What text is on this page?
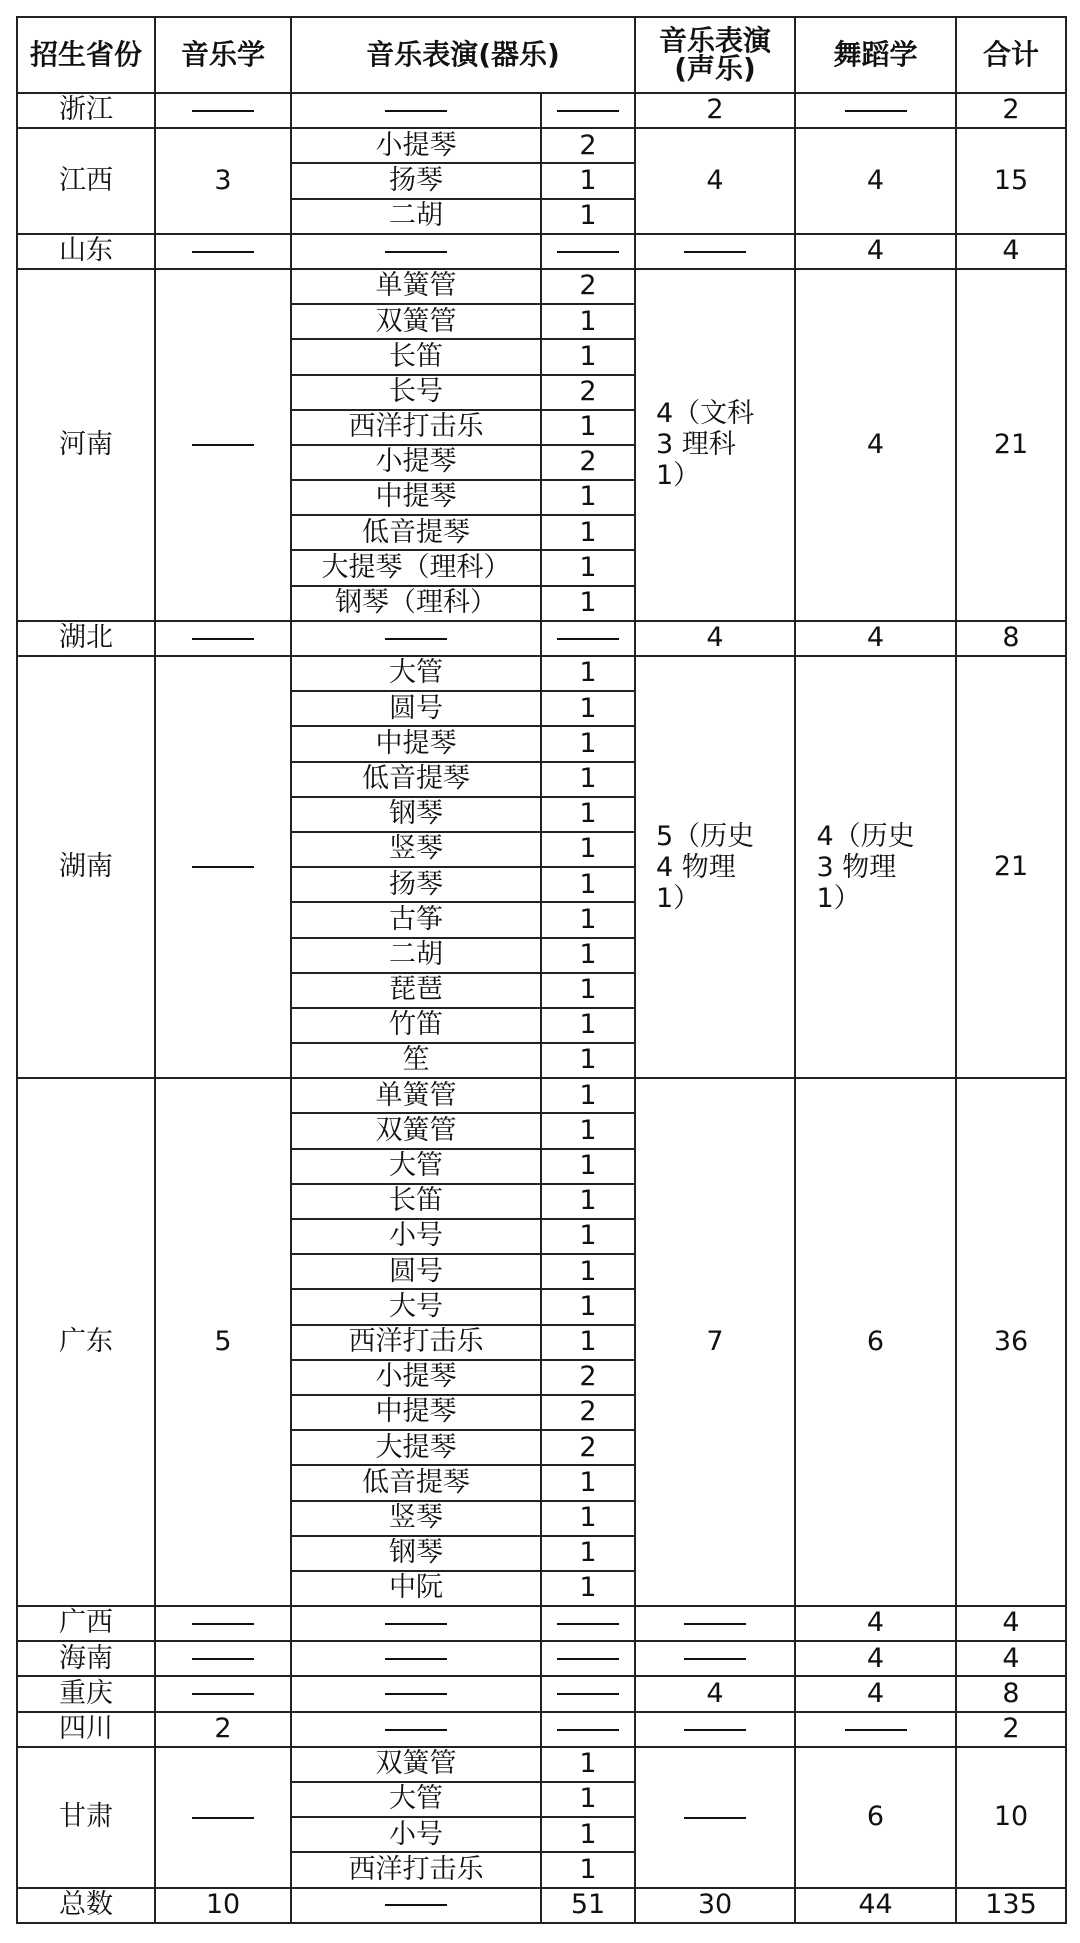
招生省份	音乐学	音乐表演(器乐)		音乐表演(声乐)	舞蹈学	合计
浙江				2		2
江西	3	小提琴	2	4	4	15
		扬琴	1			
		二胡	1			
山东					4	4
河南		单簧管	2	4（文科 3 理科 1）	4	21
		双簧管	1			
		长笛	1			
		长号	2			
		西洋打击乐	1			
		小提琴	2			
		中提琴	1			
		低音提琴	1			
		大提琴（理科）	1			
		钢琴（理科）	1			
湖北				4	4	8
湖南		大管	1	5（历史 4 物理 1）	4（历史 3 物理 1）	21
		圆号	1			
		中提琴	1			
		低音提琴	1			
		钢琴	1			
		竖琴	1			
		扬琴	1			
		古筝	1			
		二胡	1			
		琵琶	1			
		竹笛	1			
		笙	1			
广东	5	单簧管	1	7	6	36
		双簧管	1			
		大管	1			
		长笛	1			
		小号	1			
		圆号	1			
		大号	1			
		西洋打击乐	1			
		小提琴	2			
		中提琴	2			
		大提琴	2			
		低音提琴	1			
		竖琴	1			
		钢琴	1			
		中阮	1			
广西					4	4
海南					4	4
重庆				4	4	8
四川	2					2
甘肃		双簧管	1		6	10
		大管	1			
		小号	1			
		西洋打击乐	1			
总数	10		51	30	44	135
